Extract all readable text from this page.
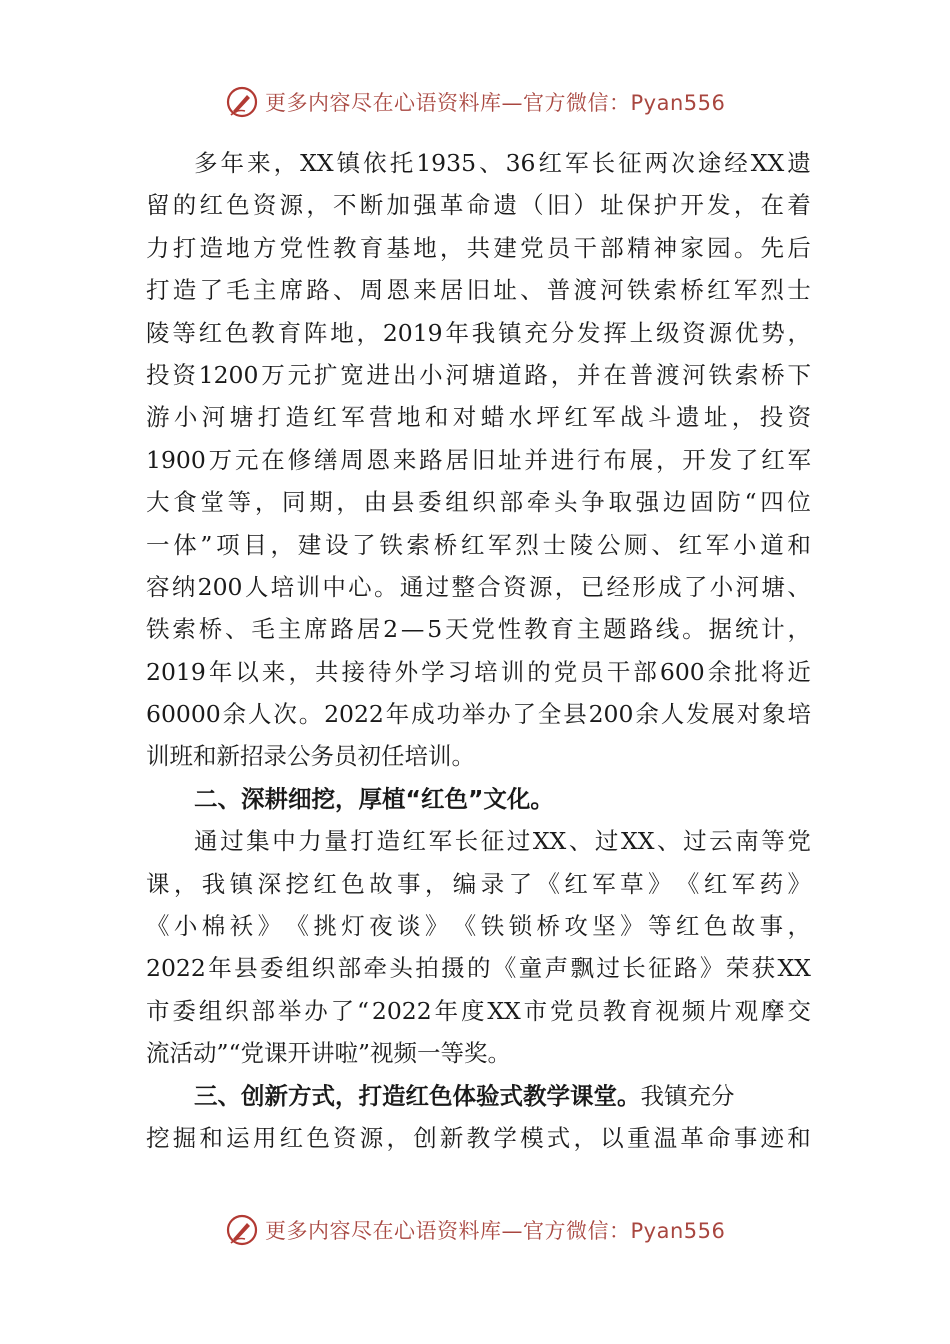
更多内容尽在心语资料库—官方微信：Pyan556
多 年 来 ， XX 镇 依 托 1935 、 36 红 军 长 征 两 次 途 经 XX 遗
留 的 红 色 资 源 ， 不 断 加 强 革 命 遗 （ 旧 ） 址 保 护 开 发 ， 在 着
力 打 造 地 方 党 性 教 育 基 地 ， 共 建 党 员 干 部 精 神 家 园 。 先 后
打 造 了 毛 主 席 路 、 周 恩 来 居 旧 址 、 普 渡 河 铁 索 桥 红 军 烈 士
陵 等 红 色 教 育 阵 地 ， 2019 年 我 镇 充 分 发 挥 上 级 资 源 优 势 ，
投 资 1200 万 元 扩 宽 进 出 小 河 塘 道 路 ， 并 在 普 渡 河 铁 索 桥 下
游 小 河 塘 打 造 红 军 营 地 和 对 蜡 水 坪 红 军 战 斗 遗 址 ， 投 资
1900 万 元 在 修 缮 周 恩 来 路 居 旧 址 并 进 行 布 展 ， 开 发 了 红 军
大 食 堂 等 ， 同 期 ， 由 县 委 组 织 部 牵 头 争 取 强 边 固 防 “ 四 位
一 体 ” 项 目 ， 建 设 了 铁 索 桥 红 军 烈 士 陵 公 厕 、 红 军 小 道 和
容 纳 200 人 培 训 中 心 。 通 过 整 合 资 源 ， 已 经 形 成 了 小 河 塘 、
铁 索 桥 、 毛 主 席 路 居 2 — 5 天 党 性 教 育 主 题 路 线 。 据 统 计 ，
2019 年 以 来 ， 共 接 待 外 学 习 培 训 的 党 员 干 部 600 余 批 将 近
60000 余 人 次 。 2022 年 成 功 举 办 了 全 县 200 余 人 发 展 对 象 培
训班和新招录公务员初任培训。
二、深耕细挖，厚植“红色”文化。
通 过 集 中 力 量 打 造 红 军 长 征 过 XX 、 过 XX 、 过 云 南 等 党
课 ， 我 镇 深 挖 红 色 故 事 ， 编 录 了 《 红 军 草 》 《 红 军 药 》
《 小 棉 袄 》 《 挑 灯 夜 谈 》 《 铁 锁 桥 攻 坚 》 等 红 色 故 事 ，
2022 年 县 委 组 织 部 牵 头 拍 摄 的 《 童 声 飘 过 长 征 路 》 荣 获 XX
市 委 组 织 部 举 办 了 “ 2022 年 度 XX 市 党 员 教 育 视 频 片 观 摩 交
流活动”“党课开讲啦”视频一等奖。
三、创新方式，打造红色体验式教学课堂。 我镇充分
挖 掘 和 运 用 红 色 资 源 ， 创 新 教 学 模 式 ， 以 重 温 革 命 事 迹 和
更多内容尽在心语资料库—官方微信：Pyan556
